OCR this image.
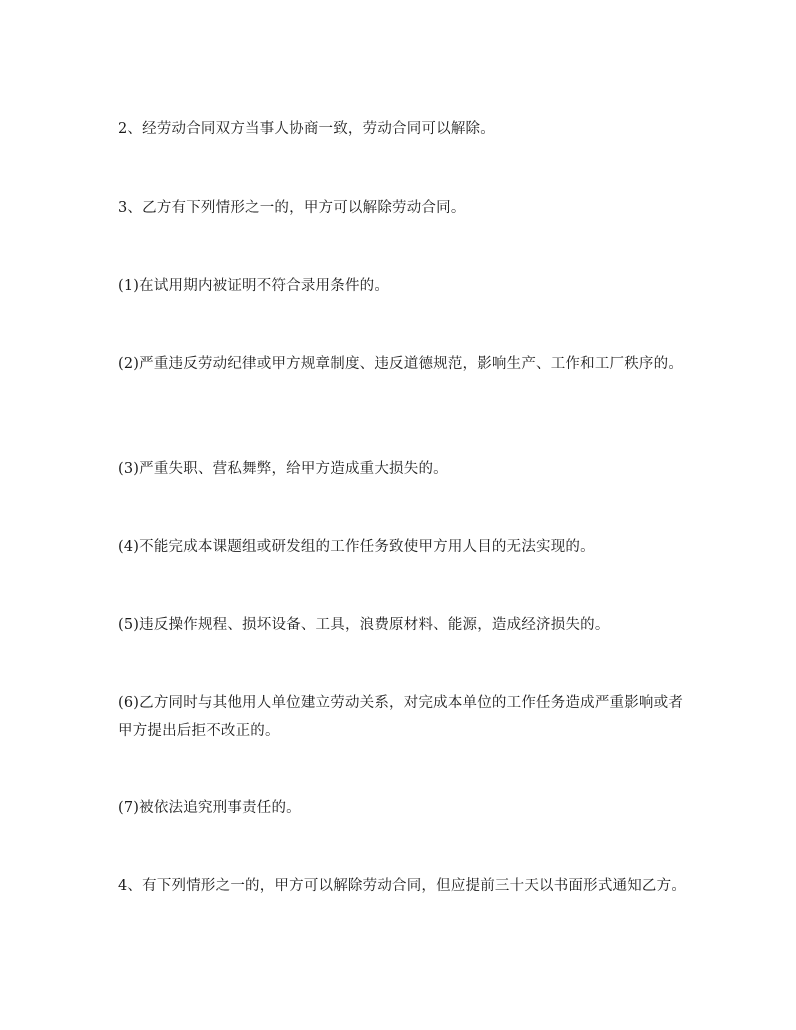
2、经劳动合同双方当事人协商一致，劳动合同可以解除。

3、乙方有下列情形之一的，甲方可以解除劳动合同。

(1)在试用期内被证明不符合录用条件的。

(2)严重违反劳动纪律或甲方规章制度、违反道德规范，影响生产、工作和工厂秩序的。

(3)严重失职、营私舞弊，给甲方造成重大损失的。

(4)不能完成本课题组或研发组的工作任务致使甲方用人目的无法实现的。

(5)违反操作规程、损坏设备、工具，浪费原材料、能源，造成经济损失的。

(6)乙方同时与其他用人单位建立劳动关系，对完成本单位的工作任务造成严重影响或者甲方提出后拒不改正的。

(7)被依法追究刑事责任的。

4、有下列情形之一的，甲方可以解除劳动合同，但应提前三十天以书面形式通知乙方。
